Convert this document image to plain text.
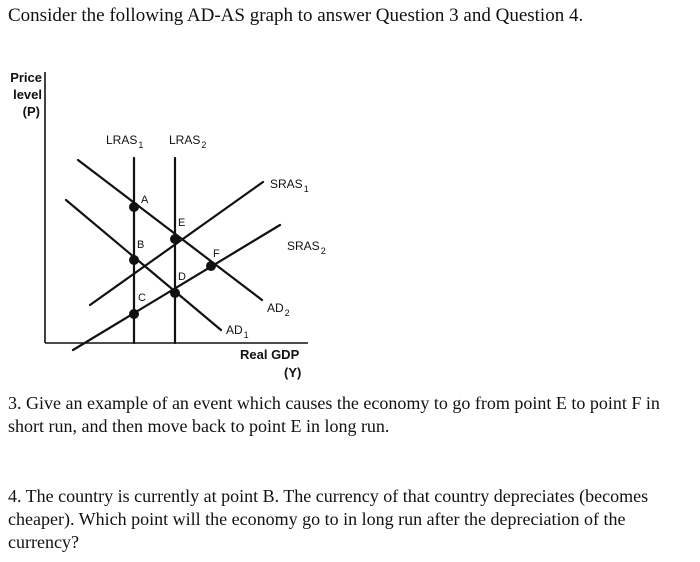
Consider the following AD-AS graph to answer Question 3 and Question 4.
Price
level
(P)
Real GDP
(Y)
$LRAS_1$ $LRAS_2$
$SRAS_1$
$SRAS_2$
$AD_2$
$AD_1$
A
B
C
D
E
F
3. Give an example of an event which causes the economy to go from point E to point F in short run, and then move back to point E in long run.
4. The country is currently at point B. The currency of that country depreciates (becomes cheaper). Which point will the economy go to in long run after the depreciation of the currency?
